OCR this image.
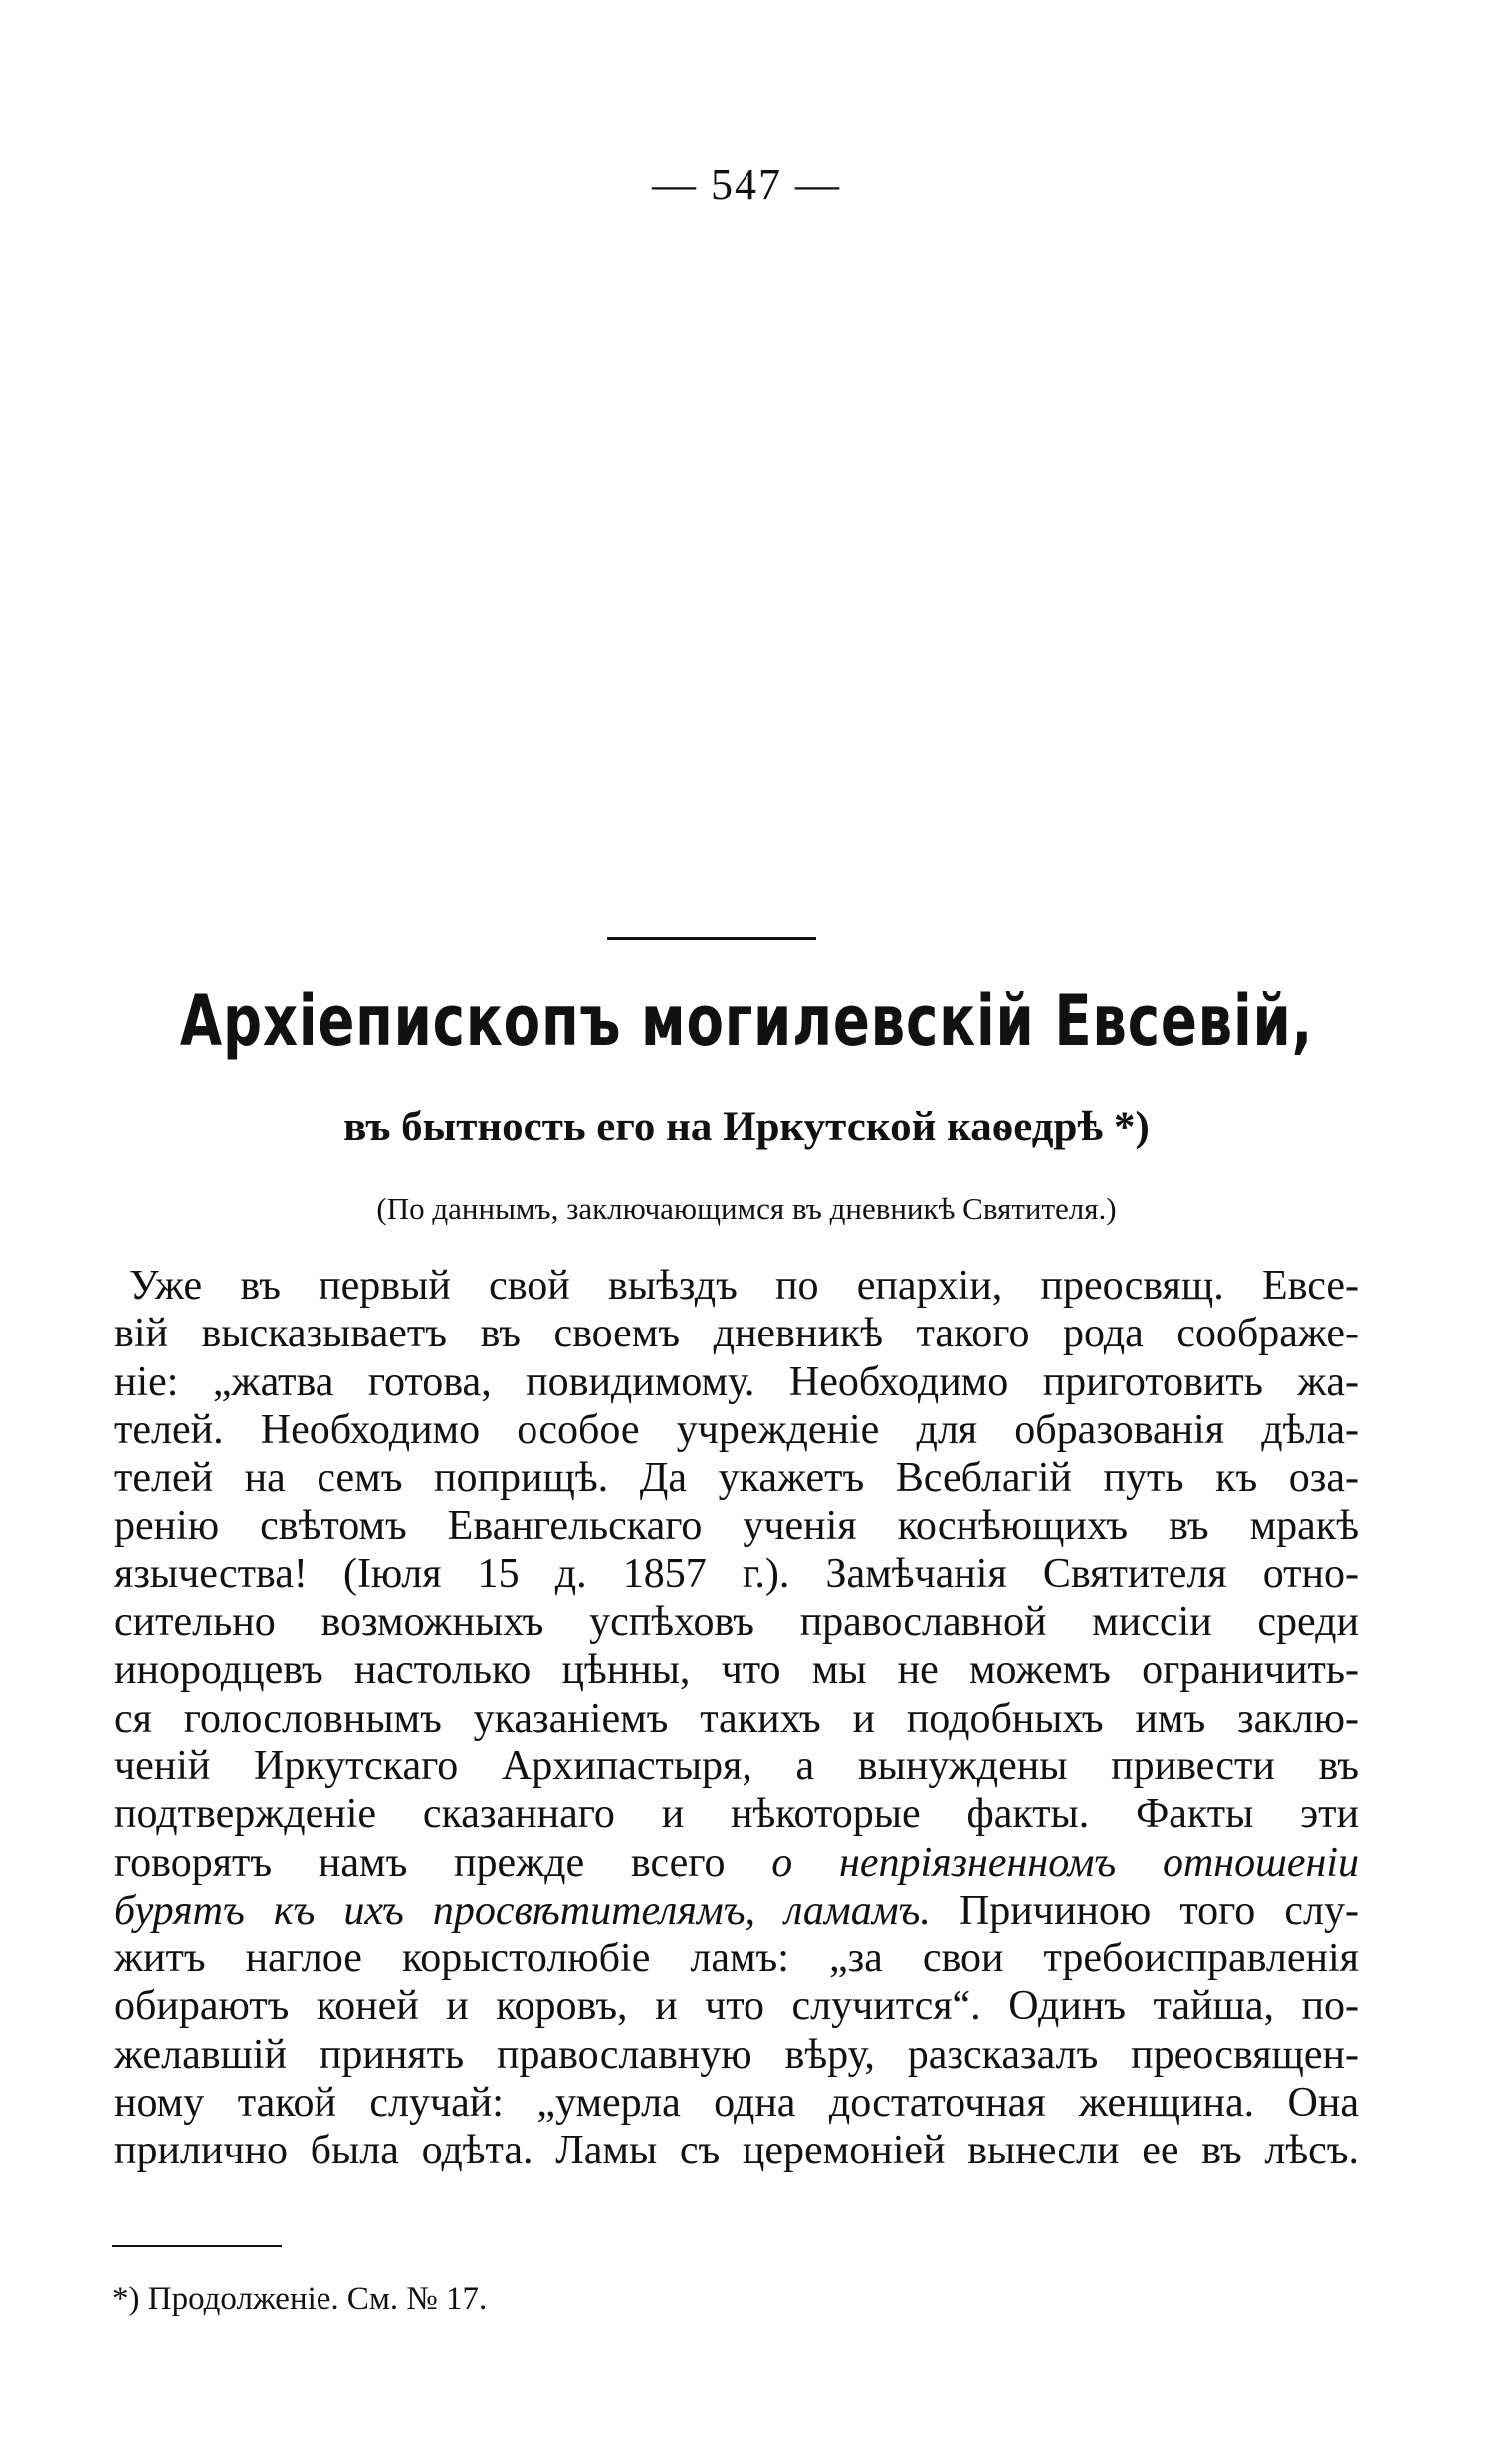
— 547 —
Архіепископъ могилевскій Евсевій,
въ бытность его на Иркутской каѳедрѣ *)
(По даннымъ, заключающимся въ дневникѣ Святителя.)
Уже въ первый свой выѣздъ по епархіи, преосвящ. Евсе-
вій высказываетъ въ своемъ дневникѣ такого рода соображе-
ніе: „жатва готова, повидимому. Необходимо приготовить жа-
телей. Необходимо особое учрежденіе для образованія дѣла-
телей на семъ поприщѣ. Да укажетъ Всеблагій путь къ оза-
ренію свѣтомъ Евангельскаго ученія коснѣющихъ въ мракѣ
язычества! (Іюля 15 д. 1857 г.). Замѣчанія Святителя отно-
сительно возможныхъ успѣховъ православной миссіи среди
инородцевъ настолько цѣнны, что мы не можемъ ограничить-
ся голословнымъ указаніемъ такихъ и подобныхъ имъ заклю-
ченій Иркутскаго Архипастыря, а вынуждены привести въ
подтвержденіе сказаннаго и нѣкоторые факты. Факты эти
говорятъ намъ прежде всего о непріязненномъ отношеніи
бурятъ къ ихъ просвѣтителямъ, ламамъ. Причиною того слу-
житъ наглое корыстолюбіе ламъ: „за свои требоисправленія
обираютъ коней и коровъ, и что случится“. Одинъ тайша, по-
желавшій принять православную вѣру, разсказалъ преосвящен-
ному такой случай: „умерла одна достаточная женщина. Она
прилично была одѣта. Ламы съ церемоніей вынесли ее въ лѣсъ.
*) Продолженіе. См. № 17.
